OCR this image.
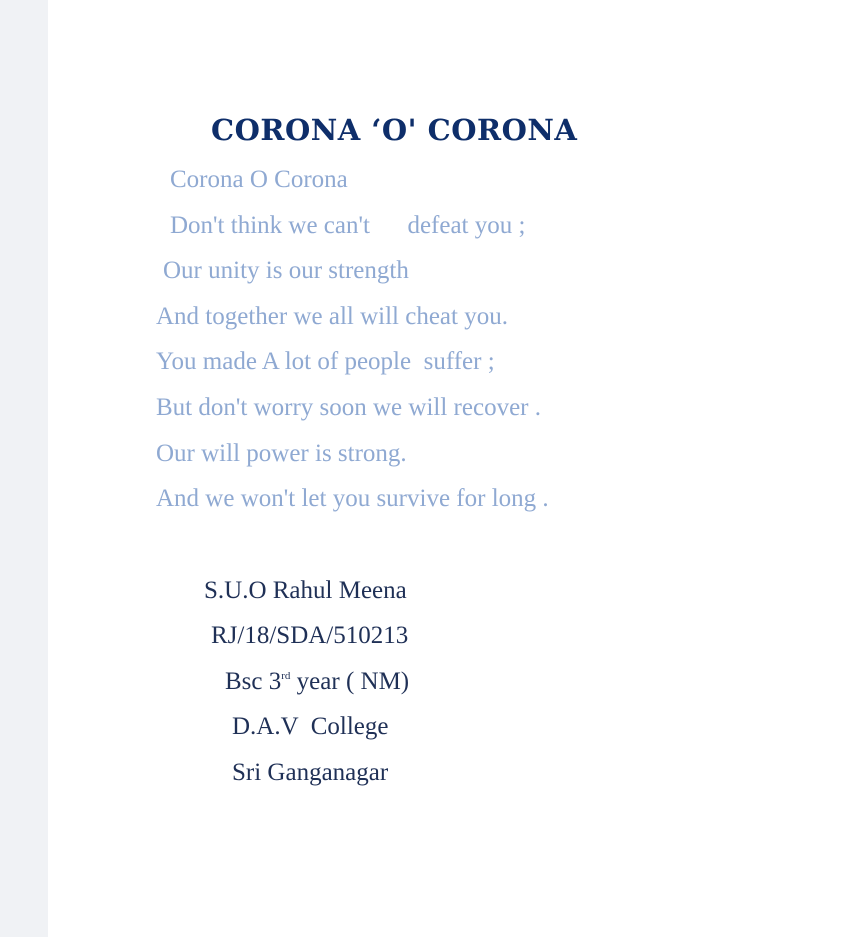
CORONA ‘O' CORONA
Corona O Corona
Don't think we can't      defeat you ;
Our unity is our strength
And together we all will cheat you.
You made A lot of people  suffer ;
But don't worry soon we will recover .
Our will power is strong.
And we won't let you survive for long .
S.U.O Rahul Meena
RJ/18/SDA/510213
Bsc 3rd year ( NM)
D.A.V  College
Sri Ganganagar
